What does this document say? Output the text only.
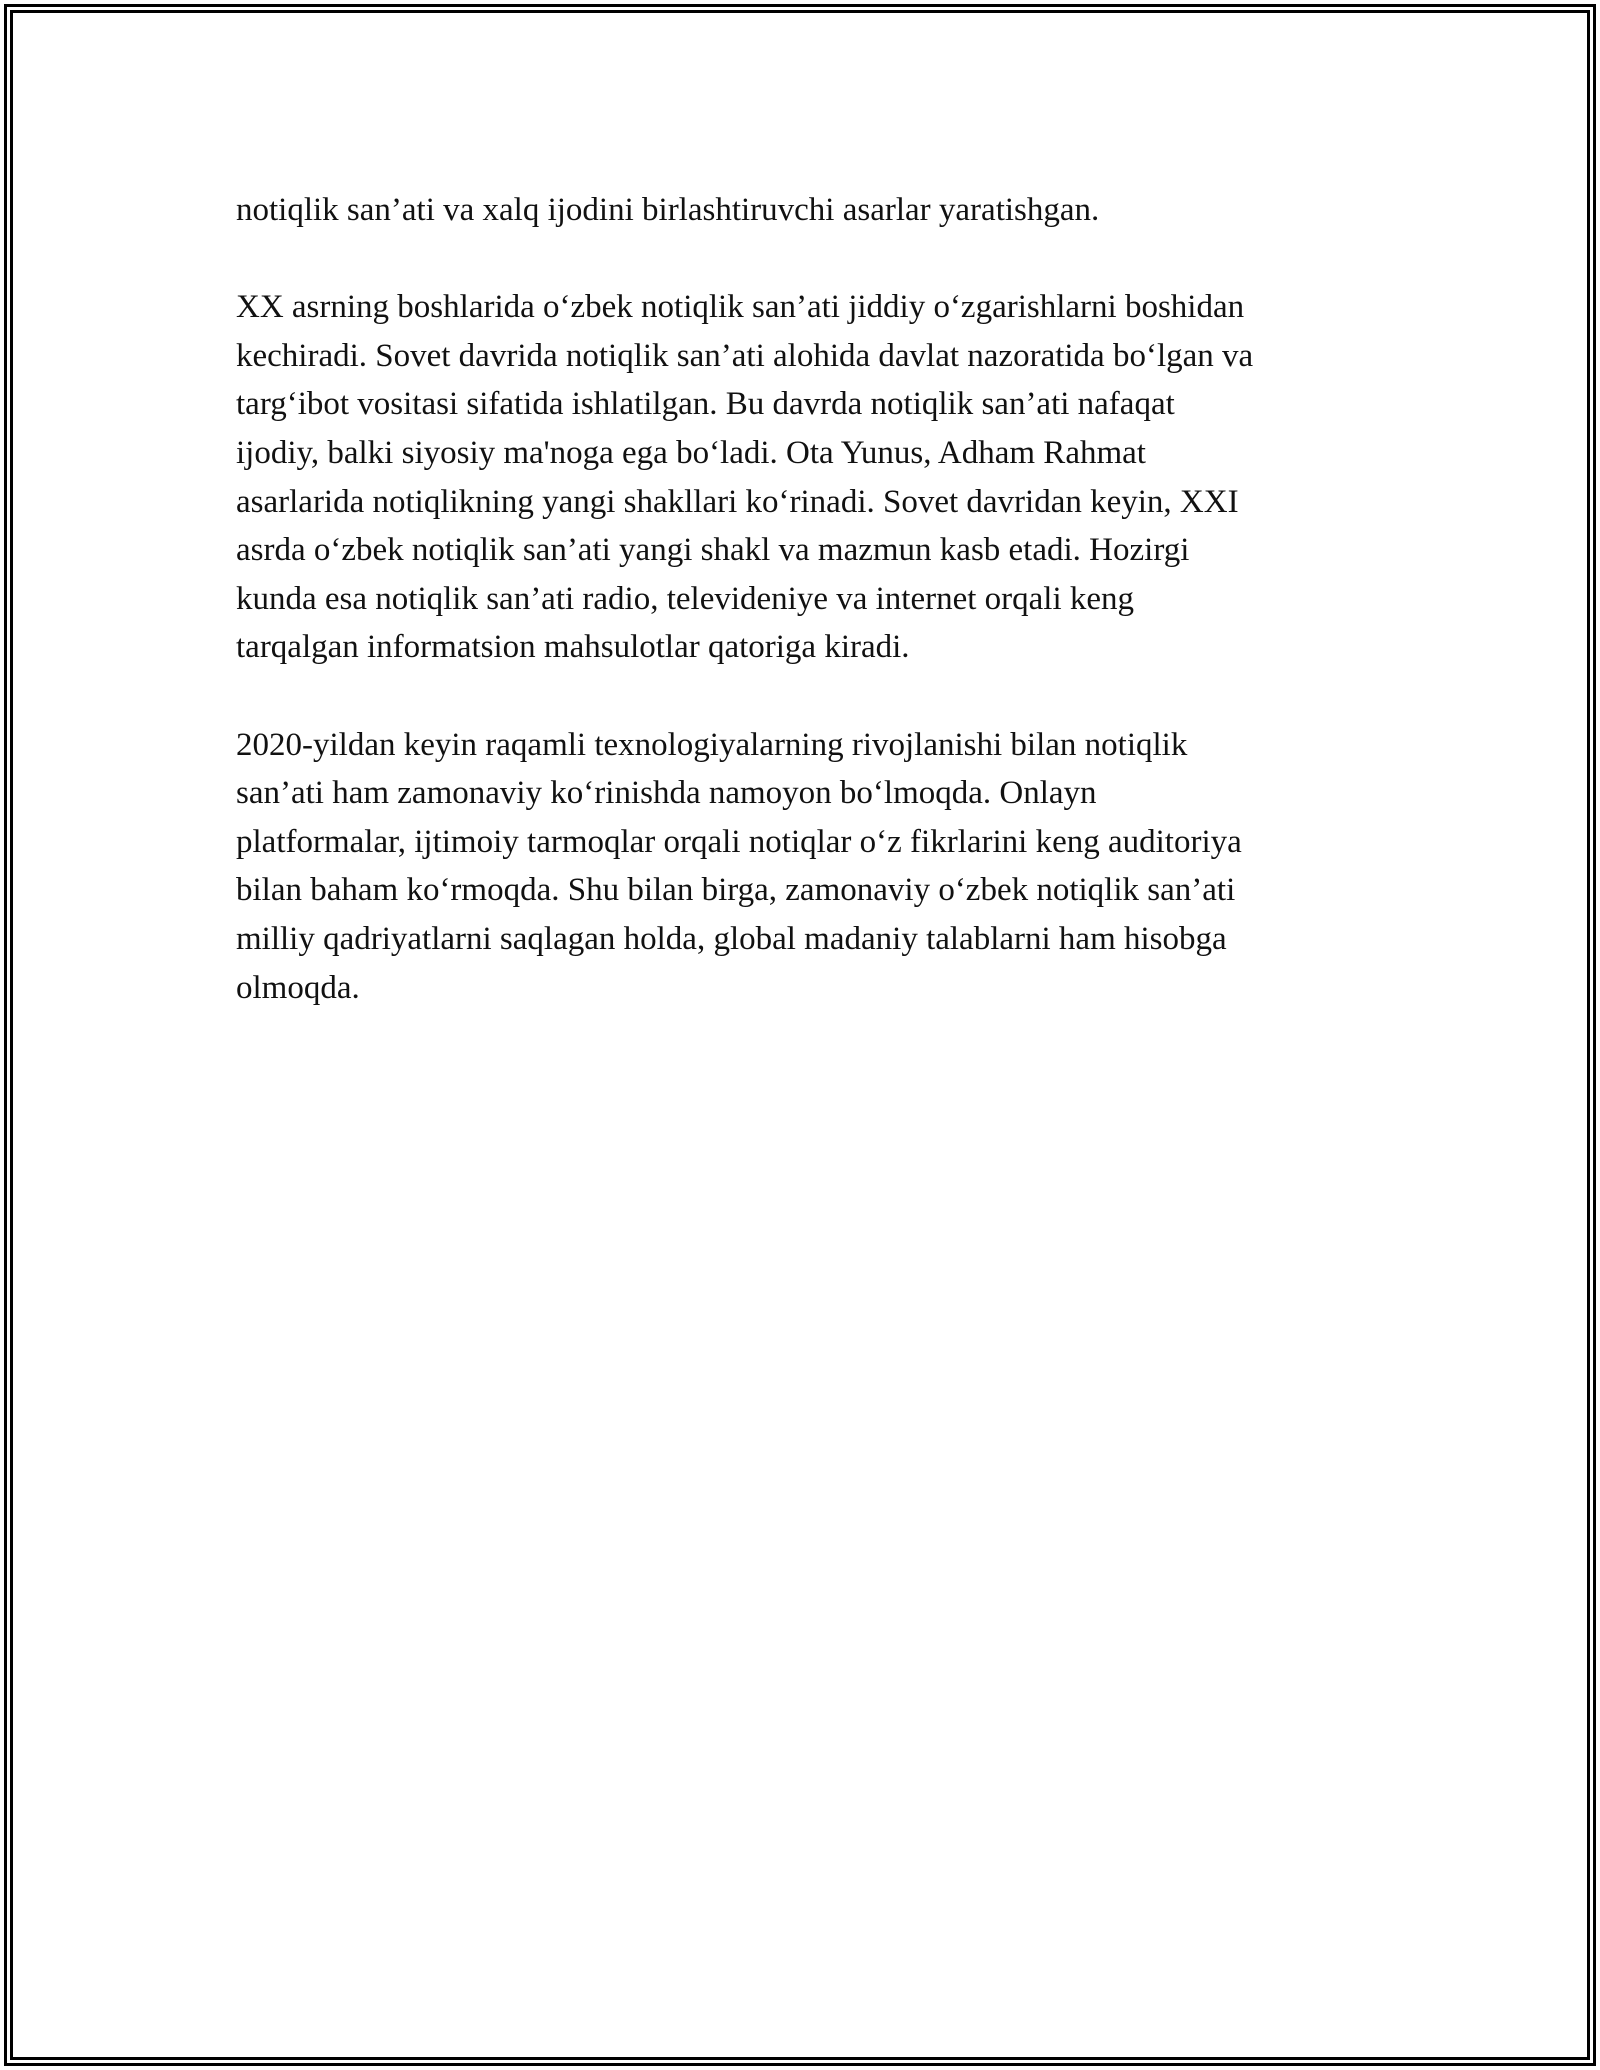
notiqlik san’ati va xalq ijodini birlashtiruvchi asarlar yaratishgan.

XX asrning boshlarida o‘zbek notiqlik san’ati jiddiy o‘zgarishlarni boshidan
kechiradi. Sovet davrida notiqlik san’ati alohida davlat nazoratida bo‘lgan va
targ‘ibot vositasi sifatida ishlatilgan. Bu davrda notiqlik san’ati nafaqat
ijodiy, balki siyosiy ma'noga ega bo‘ladi. Ota Yunus, Adham Rahmat
asarlarida notiqlikning yangi shakllari ko‘rinadi. Sovet davridan keyin, XXI
asrda o‘zbek notiqlik san’ati yangi shakl va mazmun kasb etadi. Hozirgi
kunda esa notiqlik san’ati radio, televideniye va internet orqali keng
tarqalgan informatsion mahsulotlar qatoriga kiradi.

2020-yildan keyin raqamli texnologiyalarning rivojlanishi bilan notiqlik
san’ati ham zamonaviy ko‘rinishda namoyon bo‘lmoqda. Onlayn
platformalar, ijtimoiy tarmoqlar orqali notiqlar o‘z fikrlarini keng auditoriya
bilan baham ko‘rmoqda. Shu bilan birga, zamonaviy o‘zbek notiqlik san’ati
milliy qadriyatlarni saqlagan holda, global madaniy talablarni ham hisobga
olmoqda.
